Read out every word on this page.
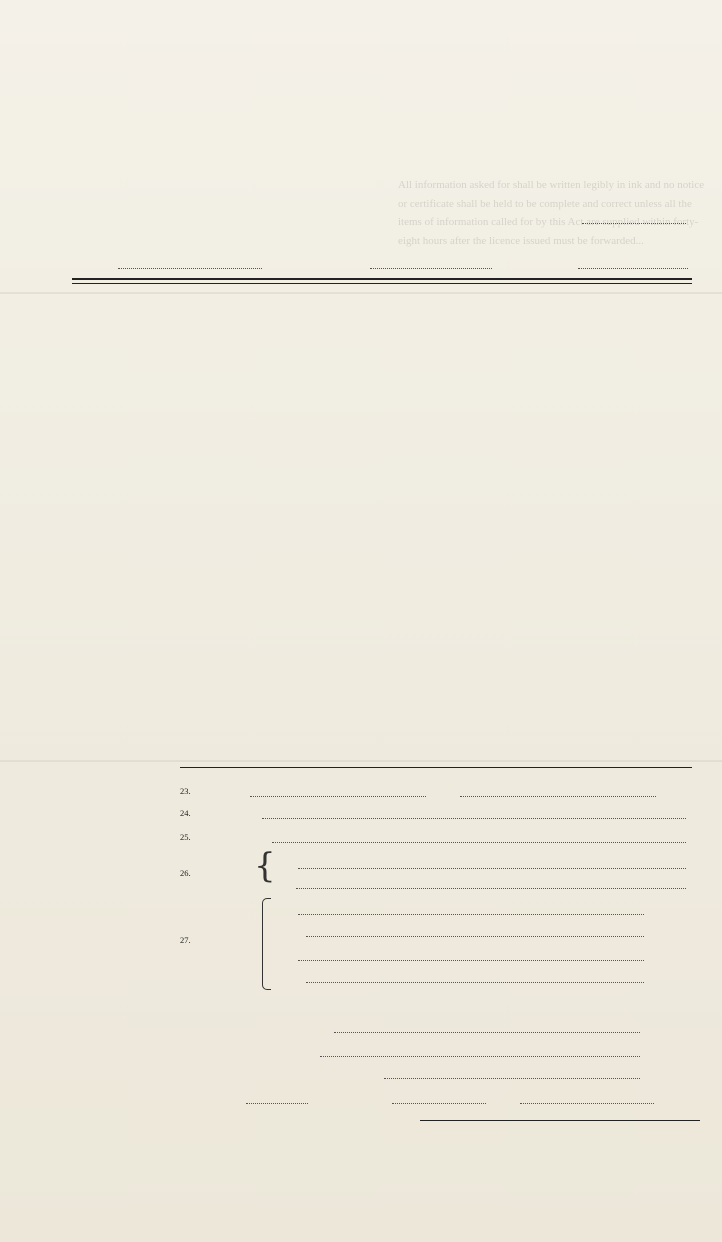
All information asked for shall be written legibly in ink and no notice or certificate shall be held to be complete and correct unless all the items of information called for by this Act are supplied within forty-eight hours after the licence issued must be forwarded...
23.
24.
25.
26. {
27.
